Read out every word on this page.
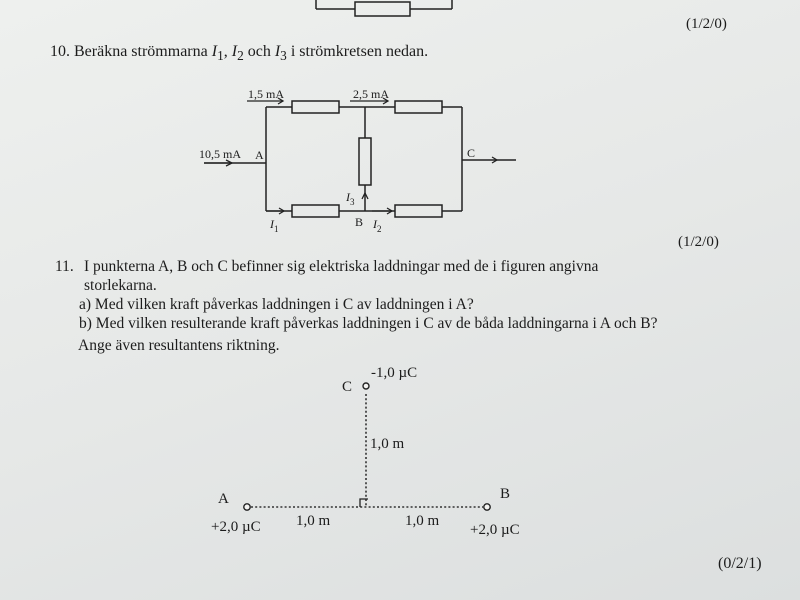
(1/2/0)
10. Beräkna strömmarna $I_1$, $I_2$ och $I_3$ i strömkretsen nedan.
1,5 mA	2,5 mA
10,5 mA A	C
B
$I_1$	$I_2$
$I_3$
(1/2/0)
11. I punkterna A, B och C befinner sig elektriska laddningar med de i figuren angivna
storlekarna.
a) Med vilken kraft påverkas laddningen i C av laddningen i A?
b) Med vilken resulterande kraft påverkas laddningen i C av de båda laddningarna i A och B?
Ange även resultantens riktning.
C
-1,0 µC
1,0 m
A	B
1,0 m	1,0 m
+2,0 µC	+2,0 µC
(0/2/1)
